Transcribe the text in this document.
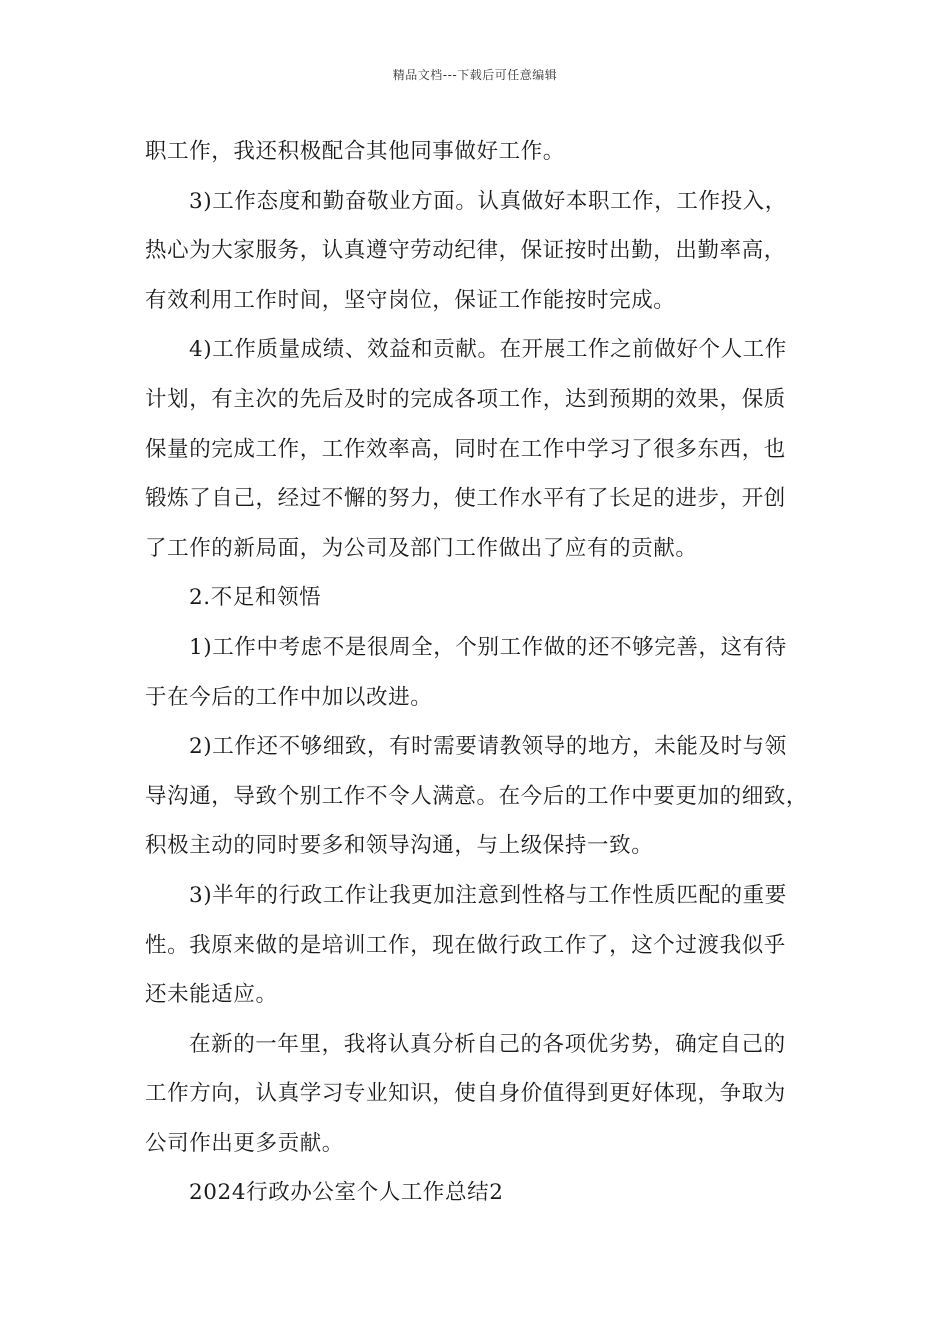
精品文档---下载后可任意编辑
职工作，我还积极配合其他同事做好工作。
3)工作态度和勤奋敬业方面。认真做好本职工作，工作投入，
热心为大家服务，认真遵守劳动纪律，保证按时出勤，出勤率高，
有效利用工作时间，坚守岗位，保证工作能按时完成。
4)工作质量成绩、效益和贡献。在开展工作之前做好个人工作
计划，有主次的先后及时的完成各项工作，达到预期的效果，保质
保量的完成工作，工作效率高，同时在工作中学习了很多东西，也
锻炼了自己，经过不懈的努力，使工作水平有了长足的进步，开创
了工作的新局面，为公司及部门工作做出了应有的贡献。
2.不足和领悟
1)工作中考虑不是很周全，个别工作做的还不够完善，这有待
于在今后的工作中加以改进。
2)工作还不够细致，有时需要请教领导的地方，未能及时与领
导沟通，导致个别工作不令人满意。在今后的工作中要更加的细致，
积极主动的同时要多和领导沟通，与上级保持一致。
3)半年的行政工作让我更加注意到性格与工作性质匹配的重要
性。我原来做的是培训工作，现在做行政工作了，这个过渡我似乎
还未能适应。
在新的一年里，我将认真分析自己的各项优劣势，确定自己的
工作方向，认真学习专业知识，使自身价值得到更好体现，争取为
公司作出更多贡献。
2024行政办公室个人工作总结2
